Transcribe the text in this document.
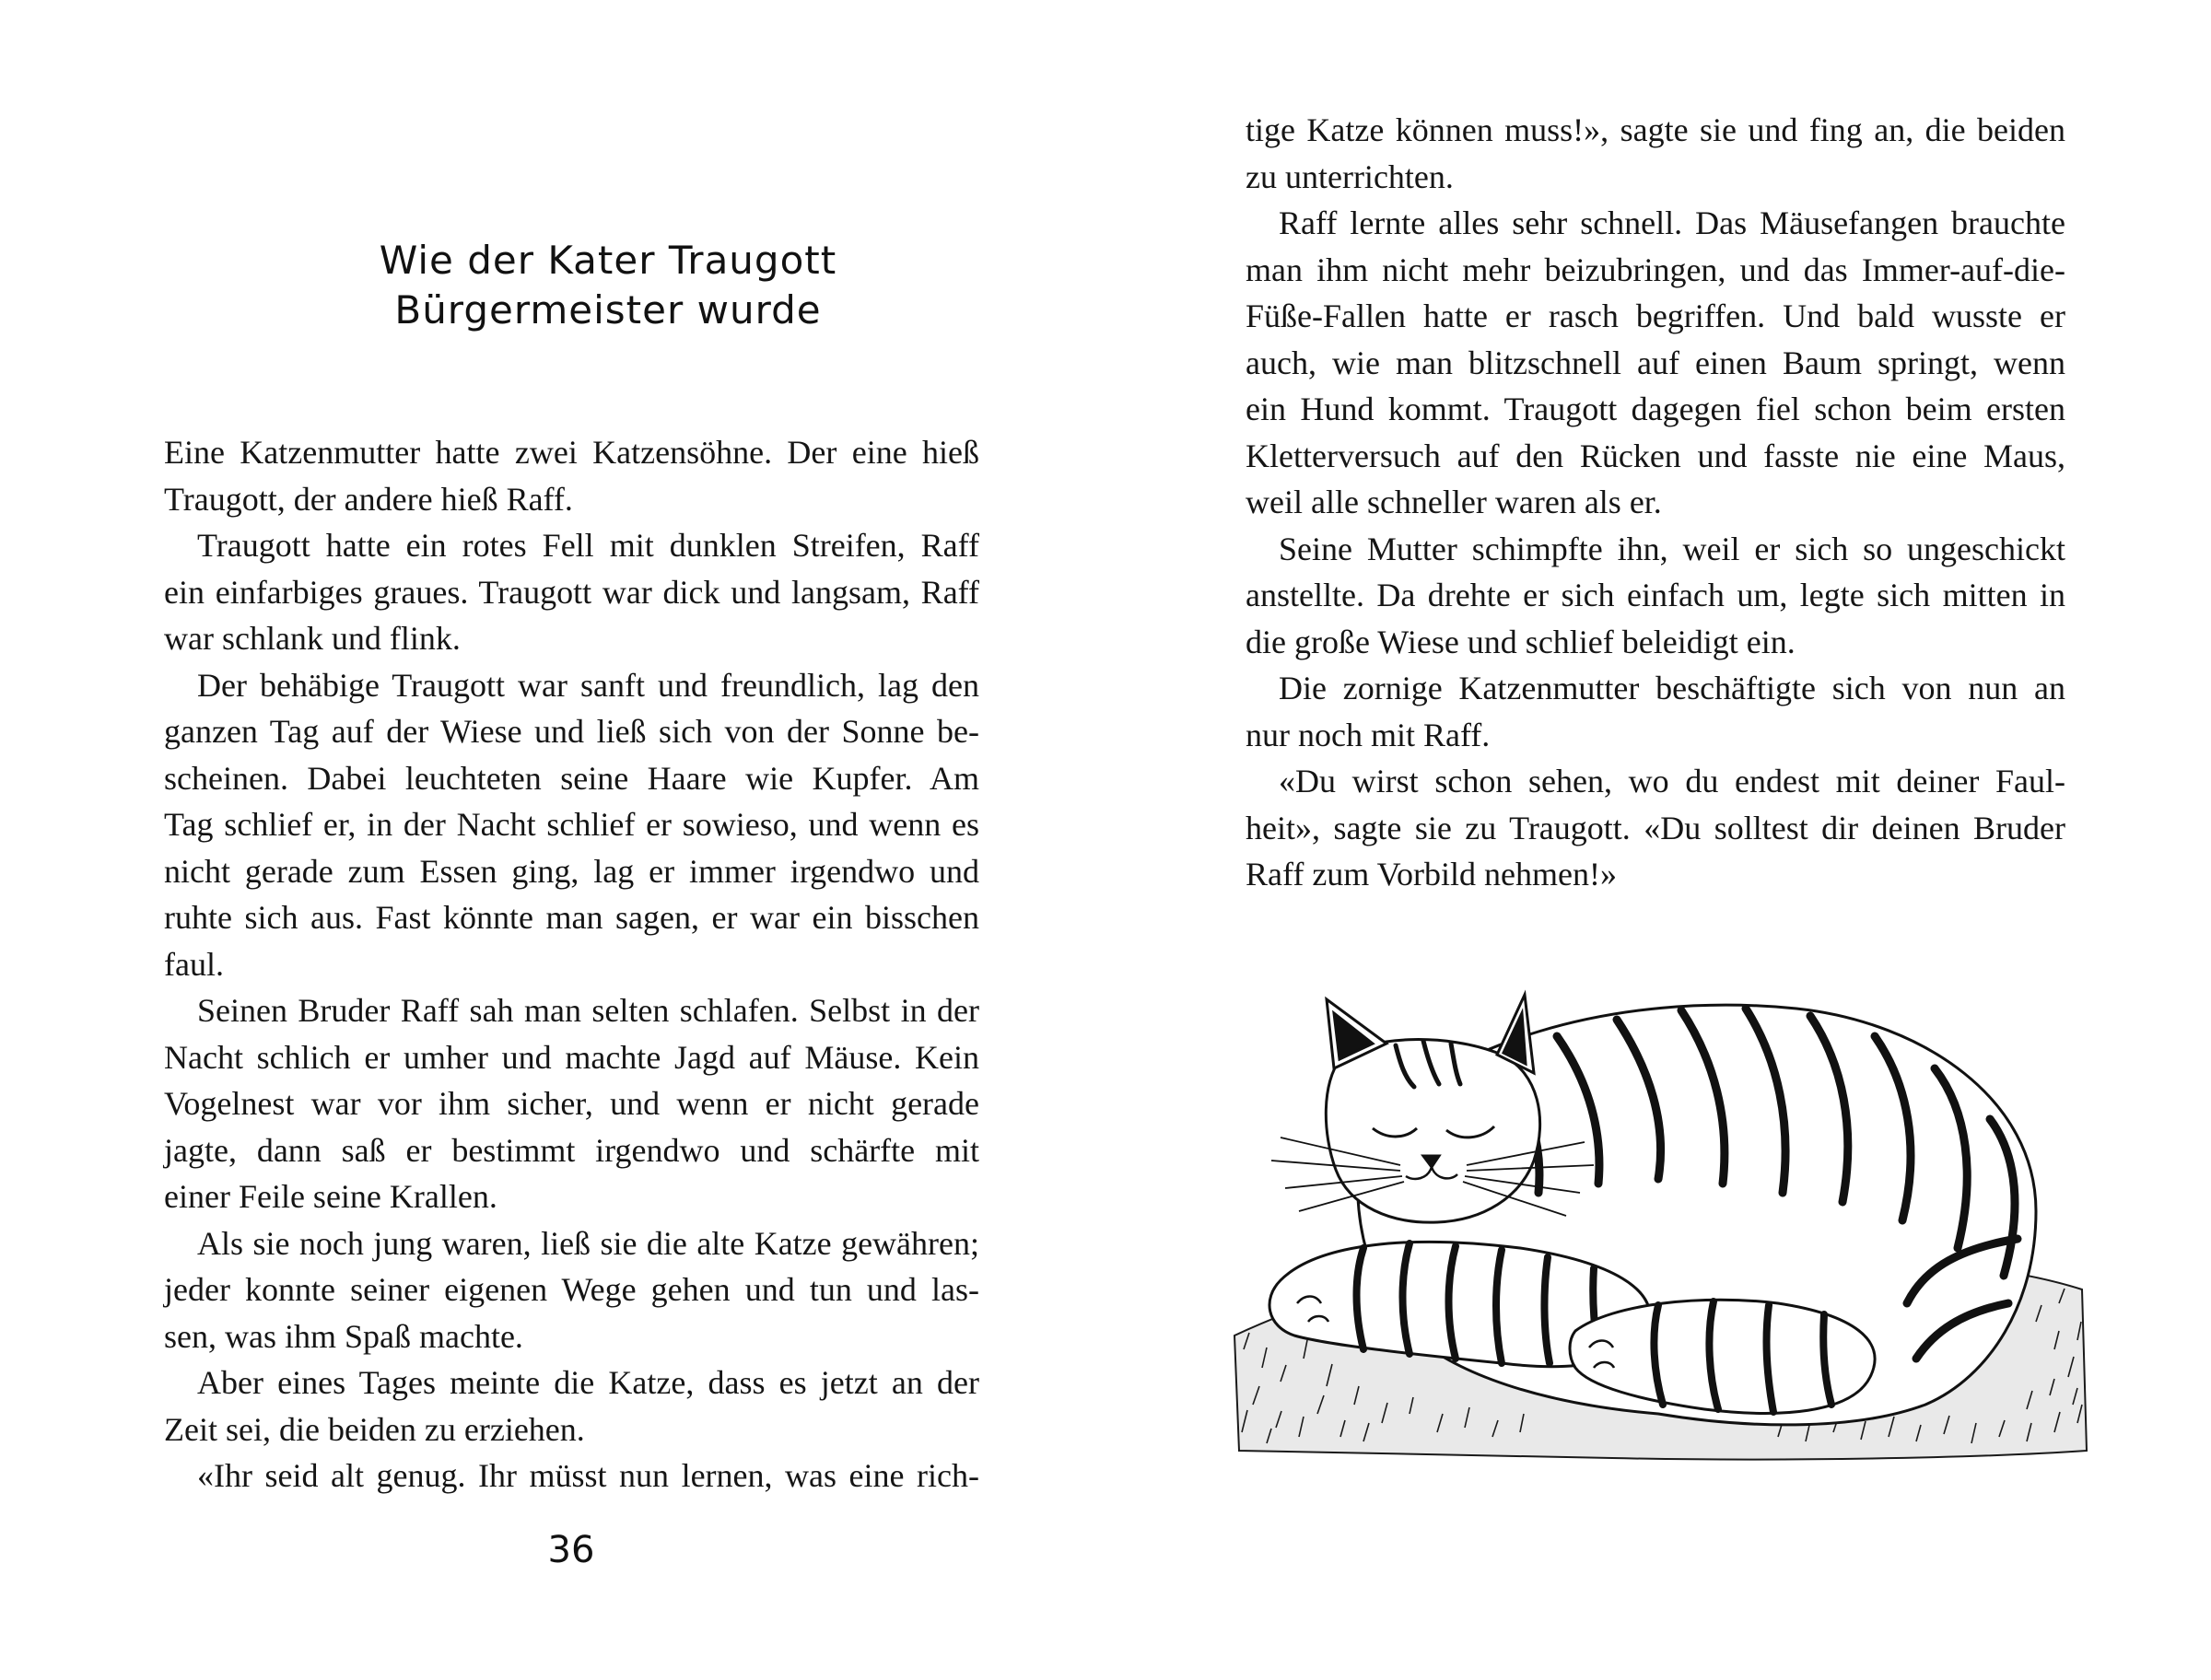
Wie der Kater Traugott
Bürgermeister wurde
Eine Katzenmutter hatte zwei Katzensöhne. Der eine hieß
Traugott, der andere hieß Raff.
Traugott hatte ein rotes Fell mit dunklen Streifen, Raff
ein einfarbiges graues. Traugott war dick und langsam, Raff
war schlank und flink.
Der behäbige Traugott war sanft und freundlich, lag den
ganzen Tag auf der Wiese und ließ sich von der Sonne be-
scheinen. Dabei leuchteten seine Haare wie Kupfer. Am
Tag schlief er, in der Nacht schlief er sowieso, und wenn es
nicht gerade zum Essen ging, lag er immer irgendwo und
ruhte sich aus. Fast könnte man sagen, er war ein bisschen
faul.
Seinen Bruder Raff sah man selten schlafen. Selbst in der
Nacht schlich er umher und machte Jagd auf Mäuse. Kein
Vogelnest war vor ihm sicher, und wenn er nicht gerade
jagte, dann saß er bestimmt irgendwo und schärfte mit
einer Feile seine Krallen.
Als sie noch jung waren, ließ sie die alte Katze gewähren;
jeder konnte seiner eigenen Wege gehen und tun und las-
sen, was ihm Spaß machte.
Aber eines Tages meinte die Katze, dass es jetzt an der
Zeit sei, die beiden zu erziehen.
«Ihr seid alt genug. Ihr müsst nun lernen, was eine rich-
36
tige Katze können muss!», sagte sie und fing an, die beiden
zu unterrichten.
Raff lernte alles sehr schnell. Das Mäusefangen brauchte
man ihm nicht mehr beizubringen, und das Immer-auf-die-
Füße-Fallen hatte er rasch begriffen. Und bald wusste er
auch, wie man blitzschnell auf einen Baum springt, wenn
ein Hund kommt. Traugott dagegen fiel schon beim ersten
Kletterversuch auf den Rücken und fasste nie eine Maus,
weil alle schneller waren als er.
Seine Mutter schimpfte ihn, weil er sich so ungeschickt
anstellte. Da drehte er sich einfach um, legte sich mitten in
die große Wiese und schlief beleidigt ein.
Die zornige Katzenmutter beschäftigte sich von nun an
nur noch mit Raff.
«Du wirst schon sehen, wo du endest mit deiner Faul-
heit», sagte sie zu Traugott. «Du solltest dir deinen Bruder
Raff zum Vorbild nehmen!»
